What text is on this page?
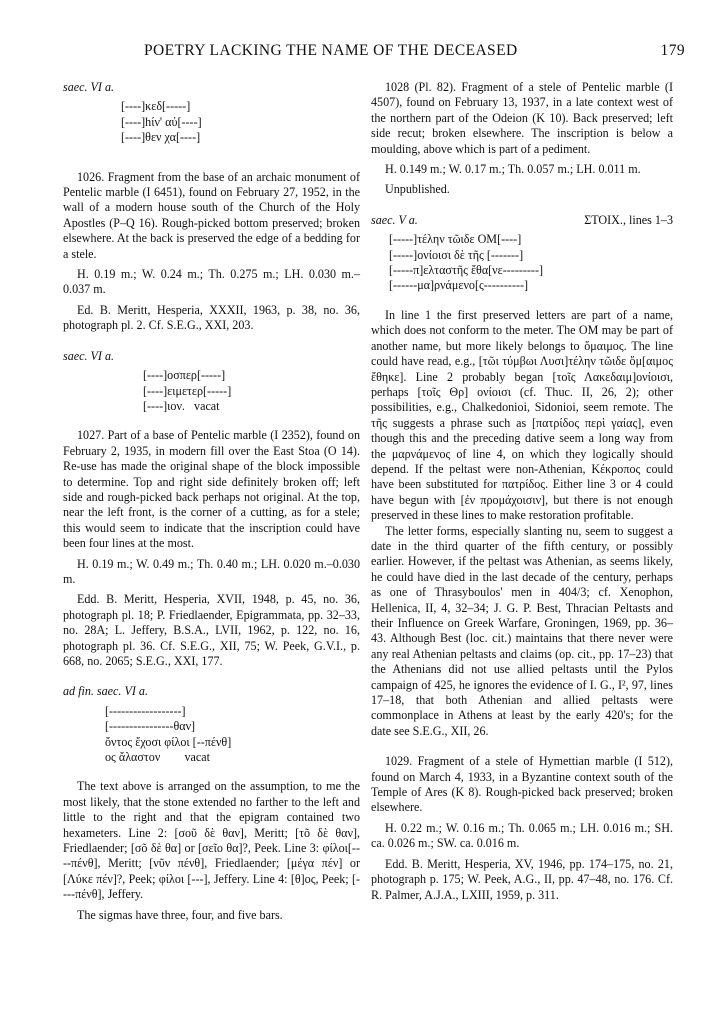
POETRY LACKING THE NAME OF THE DECEASED	179

saec. VI a.

[----]κεδ[-----]
[----]hίν' αὐ[----]
[----]θεν χα[----]

1026. Fragment from the base of an archaic monument of Pentelic marble (I 6451), found on February 27, 1952, in the wall of a modern house south of the Church of the Holy Apostles (P–Q 16). Rough-picked bottom preserved; broken elsewhere. At the back is preserved the edge of a bedding for a stele.

H. 0.19 m.; W. 0.24 m.; Th. 0.275 m.; LH. 0.030 m.–0.037 m.

Ed. B. Meritt, Hesperia, XXXII, 1963, p. 38, no. 36, photograph pl. 2. Cf. S.E.G., XXI, 203.

saec. VI a.

[----]οσπερ[-----]
[----]ειμετερ[-----]
[----]ιον.   vacat

1027. Part of a base of Pentelic marble (I 2352), found on February 2, 1935, in modern fill over the East Stoa (O 14). Re-use has made the original shape of the block impossible to determine. Top and right side definitely broken off; left side and rough-picked back perhaps not original. At the top, near the left front, is the corner of a cutting, as for a stele; this would seem to indicate that the inscription could have been four lines at the most.

H. 0.19 m.; W. 0.49 m.; Th. 0.40 m.; LH. 0.020 m.–0.030 m.

Edd. B. Meritt, Hesperia, XVII, 1948, p. 45, no. 36, photograph pl. 18; P. Friedlaender, Epigrammata, pp. 32–33, no. 28A; L. Jeffery, B.S.A., LVII, 1962, p. 122, no. 16, photograph pl. 36. Cf. S.E.G., XII, 75; W. Peek, G.V.I., p. 668, no. 2065; S.E.G., XXI, 177.

ad fin. saec. VI a.

[------------------]
[----------------θαν]
ὄντος ἔχοσι φίλοι [--πένθ]
ος ἄλαστον        vacat

The text above is arranged on the assumption, to me the most likely, that the stone extended no farther to the left and little to the right and that the epigram contained two hexameters. Line 2: [σοῦ δὲ θαν], Meritt; [τõ δὲ θαν], Friedlaender; [σõ δὲ θα] or [σεῖο θα]?, Peek. Line 3: φίλοι[----πένθ], Meritt; [νῦν πένθ], Friedlaender; [μέγα πέν] or [Λύκε πέν]?, Peek; φίλοι [---], Jeffery. Line 4: [θ]ος, Peek; [----πένθ], Jeffery.

The sigmas have three, four, and five bars.

1028 (Pl. 82). Fragment of a stele of Pentelic marble (I 4507), found on February 13, 1937, in a late context west of the northern part of the Odeion (K 10). Back preserved; left side recut; broken elsewhere. The inscription is below a moulding, above which is part of a pediment.

H. 0.149 m.; W. 0.17 m.; Th. 0.057 m.; LH. 0.011 m.

Unpublished.

saec. V a.	ΣΤΟΙΧ., lines 1–3
[-----]τέλην τῶιδε ΟΜ[----]
[-----]ονίοισι δὲ τῆς [-------]
[-----π]ελταστῆς ἔθα[νε---------]
[------μα]ρνάμενο[ς----------]

In line 1 the first preserved letters are part of a name, which does not conform to the meter. The ΟΜ may be part of another name, but more likely belongs to ὅμαιμος. The line could have read, e.g., [τῶι τύμβωι Λυσι]τέλην τῶιδε ὅμ[αιμος ἔθηκε]. Line 2 probably began [τοῖς Λακεδαιμ]ονίοισι, perhaps [τοῖς Θρ] ονίοισι (cf. Thuc. II, 26, 2); other possibilities, e.g., Chalkedonioi, Sidonioi, seem remote. The τῆς suggests a phrase such as [πατρίδος περὶ γαίας], even though this and the preceding dative seem a long way from the μαρνάμενος of line 4, on which they logically should depend. If the peltast were non-Athenian, Κέκροπος could have been substituted for πατρίδος. Either line 3 or 4 could have begun with [ἐν προμάχοισιν], but there is not enough preserved in these lines to make restoration profitable.

The letter forms, especially slanting nu, seem to suggest a date in the third quarter of the fifth century, or possibly earlier. However, if the peltast was Athenian, as seems likely, he could have died in the last decade of the century, perhaps as one of Thrasyboulos' men in 404/3; cf. Xenophon, Hellenica, II, 4, 32–34; J. G. P. Best, Thracian Peltasts and their Influence on Greek Warfare, Groningen, 1969, pp. 36–43. Although Best (loc. cit.) maintains that there never were any real Athenian peltasts and claims (op. cit., pp. 17–23) that the Athenians did not use allied peltasts until the Pylos campaign of 425, he ignores the evidence of I. G., I², 97, lines 17–18, that both Athenian and allied peltasts were commonplace in Athens at least by the early 420's; for the date see S.E.G., XII, 26.

1029. Fragment of a stele of Hymettian marble (I 512), found on March 4, 1933, in a Byzantine context south of the Temple of Ares (K 8). Rough-picked back preserved; broken elsewhere.

H. 0.22 m.; W. 0.16 m.; Th. 0.065 m.; LH. 0.016 m.; SH. ca. 0.026 m.; SW. ca. 0.016 m.

Edd. B. Meritt, Hesperia, XV, 1946, pp. 174–175, no. 21, photograph p. 175; W. Peek, A.G., II, pp. 47–48, no. 176. Cf. R. Palmer, A.J.A., LXIII, 1959, p. 311.
